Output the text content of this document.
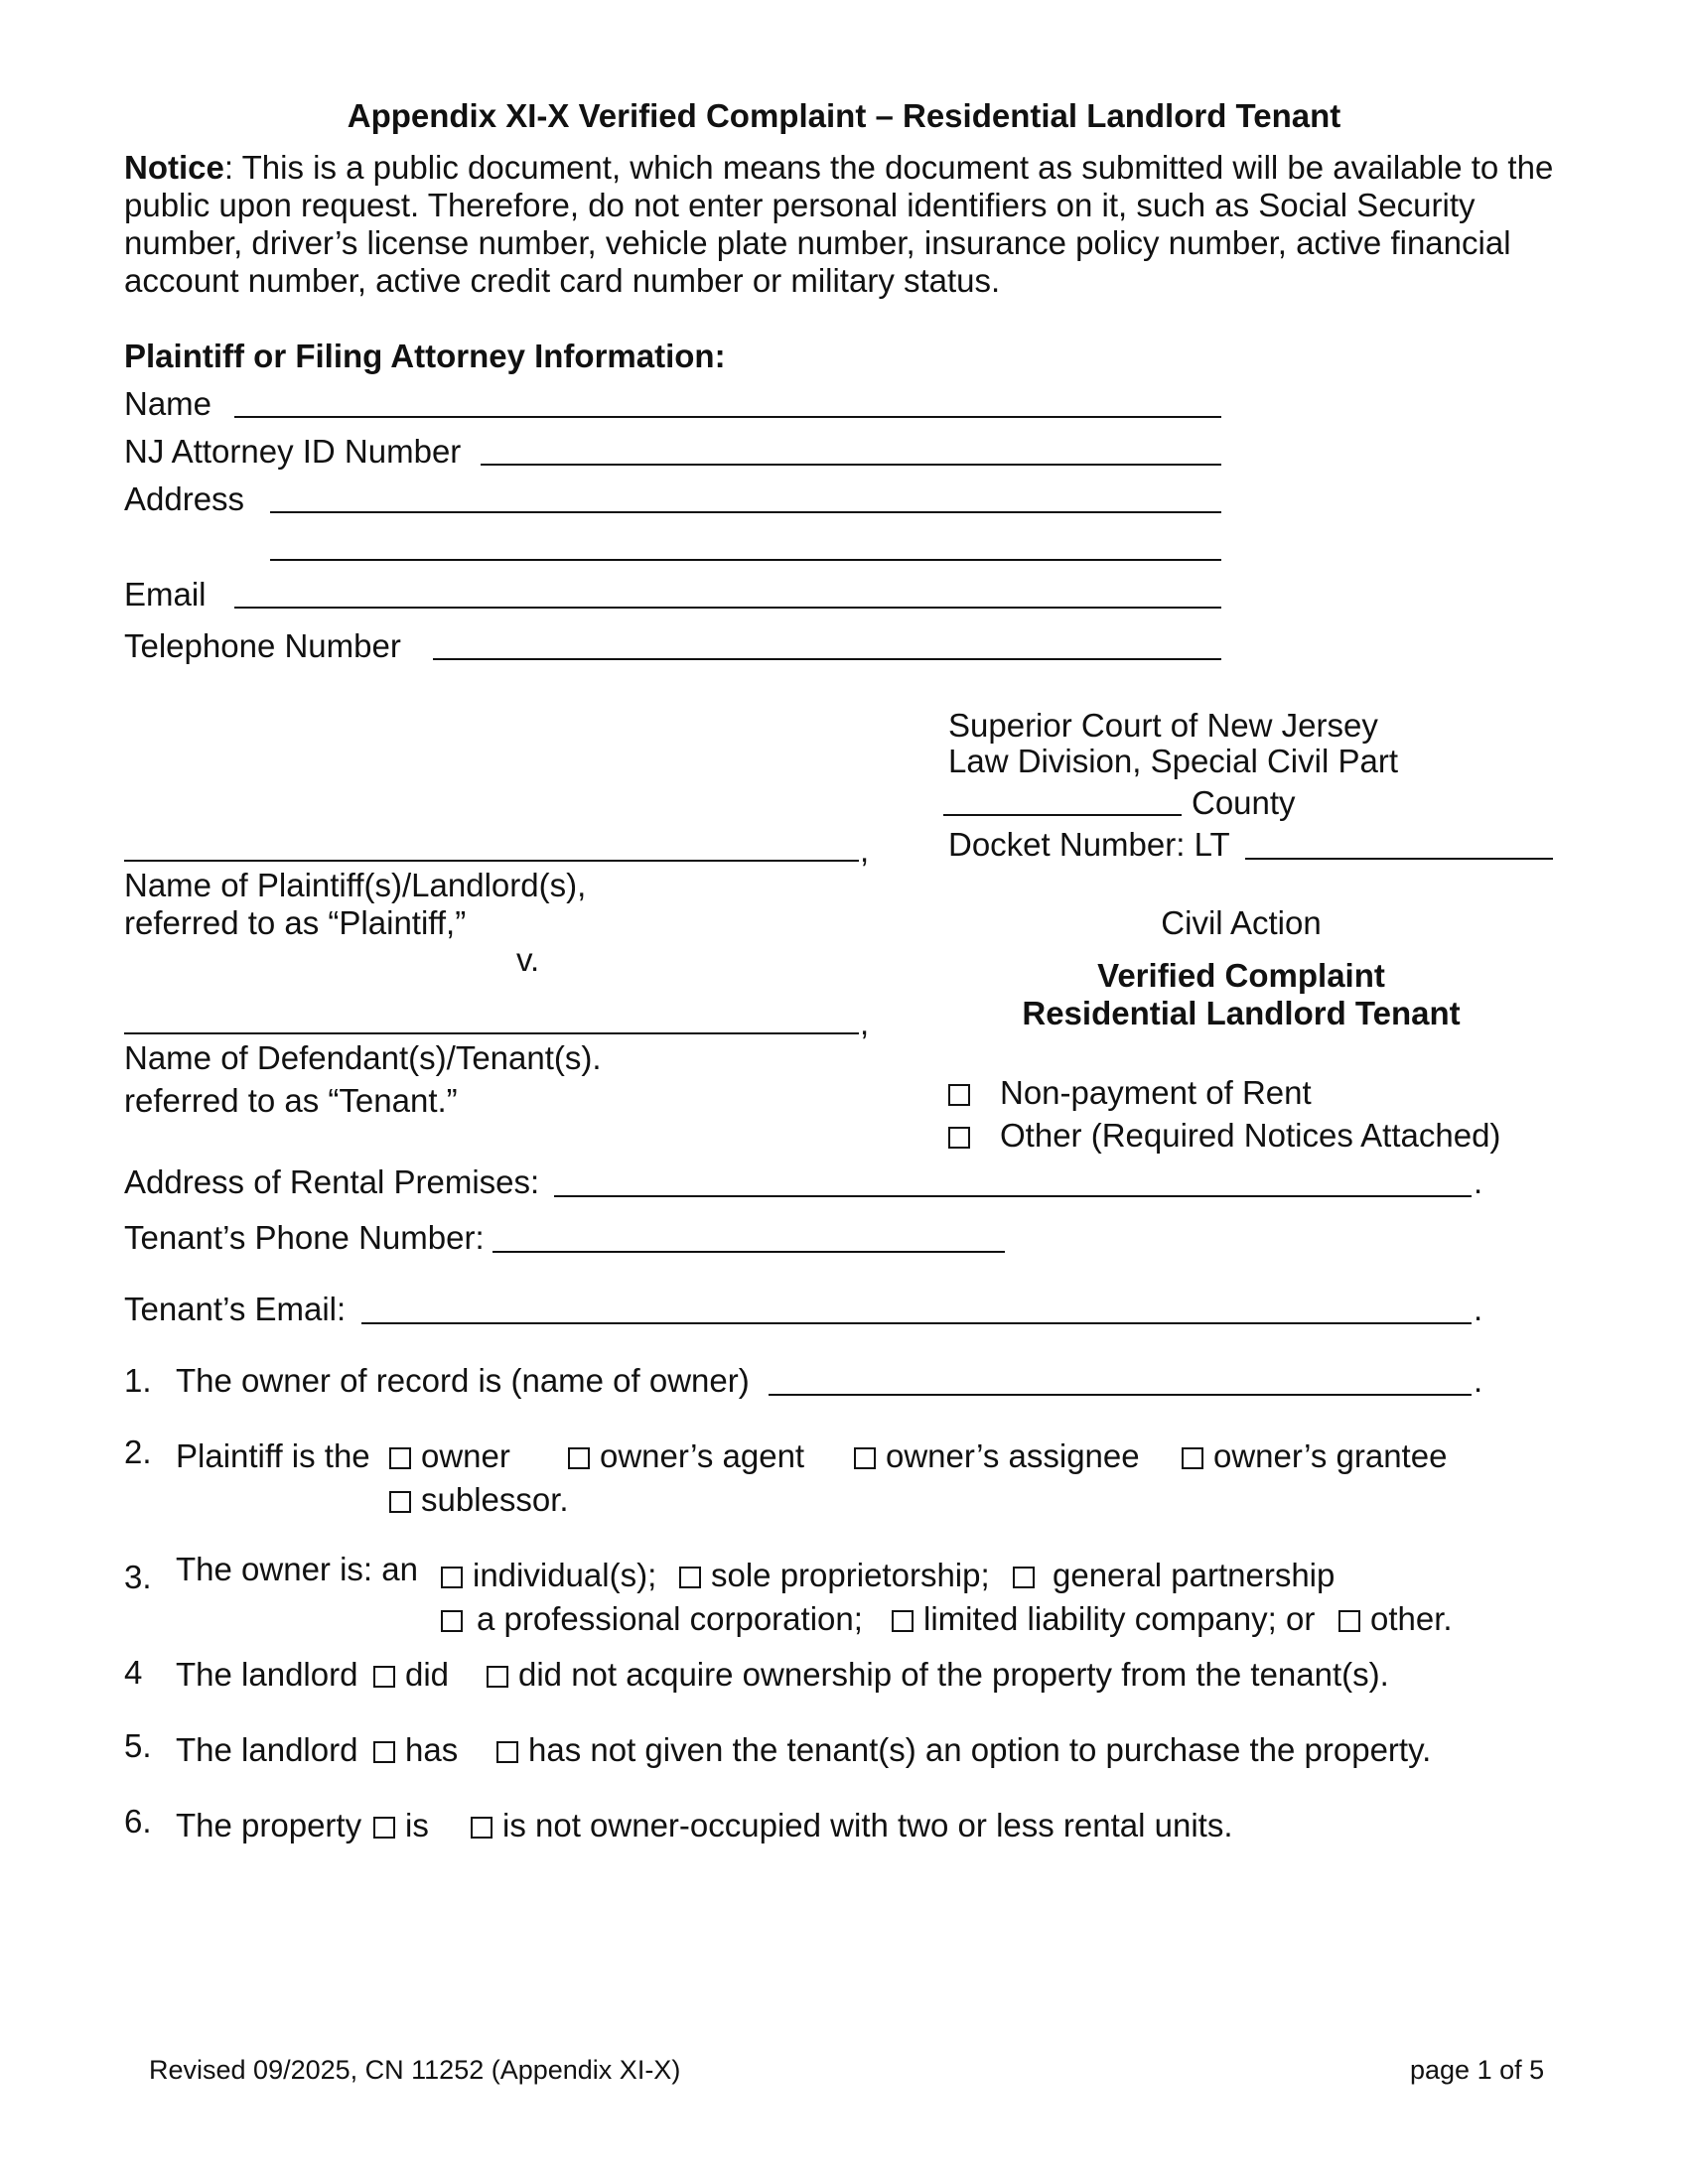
Appendix XI-X Verified Complaint – Residential Landlord Tenant
Notice: This is a public document, which means the document as submitted will be available to the public upon request. Therefore, do not enter personal identifiers on it, such as Social Security number, driver’s license number, vehicle plate number, insurance policy number, active financial account number, active credit card number or military status.
Plaintiff or Filing Attorney Information:
Name
NJ Attorney ID Number
Address
Email
Telephone Number
Superior Court of New Jersey
Law Division, Special Civil Part
County
Docket Number: LT
Civil Action
Verified Complaint
Residential Landlord Tenant
Non-payment of Rent
Other (Required Notices Attached)
,
Name of Plaintiff(s)/Landlord(s),
referred to as “Plaintiff,”
v.
,
Name of Defendant(s)/Tenant(s).
referred to as “Tenant.”
Address of Rental Premises:	.
Tenant’s Phone Number:
Tenant’s Email:	.
1. The owner of record is (name of owner)	.
2. Plaintiff is the	owner	owner’s agent	owner’s assignee	owner’s grantee
sublessor.
3. The owner is: an	individual(s);	sole proprietorship;	general partnership
a professional corporation;	limited liability company; or	other.
4 The landlord	did	did not acquire ownership of the property from the tenant(s).
5. The landlord	has	has not given the tenant(s) an option to purchase the property.
6. The property	is	is not owner-occupied with two or less rental units.
Revised 09/2025, CN 11252 (Appendix XI-X)	page 1 of 5
